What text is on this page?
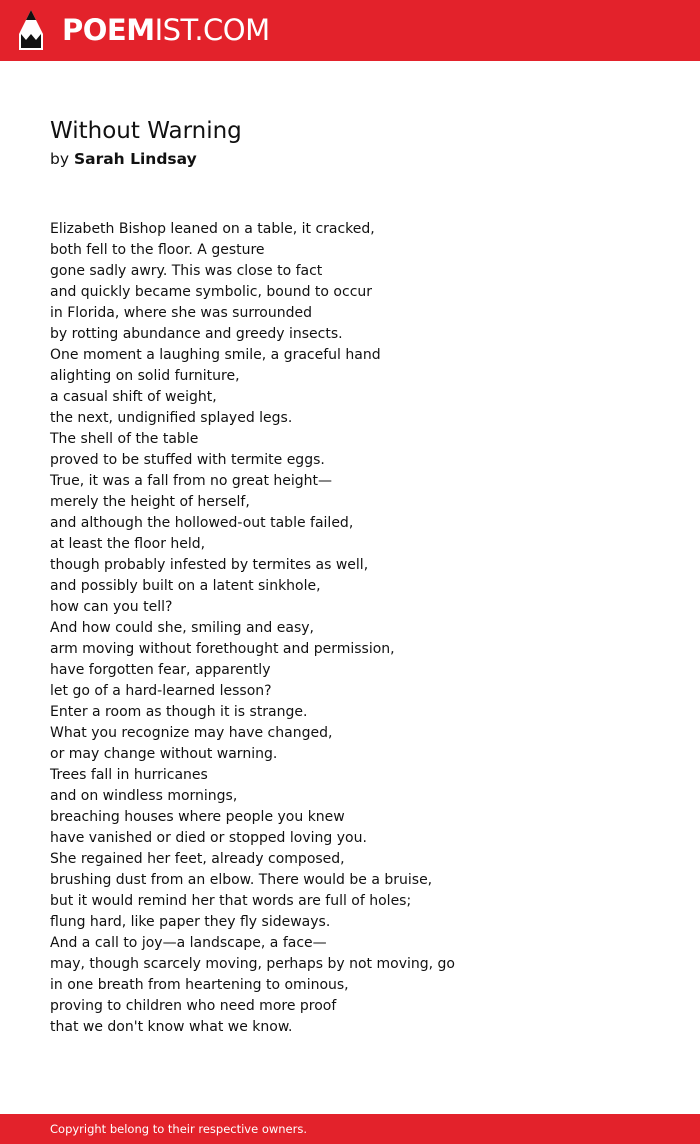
POEMIST.COM
Without Warning
by Sarah Lindsay
Elizabeth Bishop leaned on a table, it cracked,
both fell to the floor. A gesture
gone sadly awry. This was close to fact
and quickly became symbolic, bound to occur
in Florida, where she was surrounded
by rotting abundance and greedy insects.
One moment a laughing smile, a graceful hand
alighting on solid furniture,
a casual shift of weight,
the next, undignified splayed legs.
The shell of the table
proved to be stuffed with termite eggs.
True, it was a fall from no great height—
merely the height of herself,
and although the hollowed-out table failed,
at least the floor held,
though probably infested by termites as well,
and possibly built on a latent sinkhole,
how can you tell?
And how could she, smiling and easy,
arm moving without forethought and permission,
have forgotten fear, apparently
let go of a hard-learned lesson?
Enter a room as though it is strange.
What you recognize may have changed,
or may change without warning.
Trees fall in hurricanes
and on windless mornings,
breaching houses where people you knew
have vanished or died or stopped loving you.
She regained her feet, already composed,
brushing dust from an elbow. There would be a bruise,
but it would remind her that words are full of holes;
flung hard, like paper they fly sideways.
And a call to joy—a landscape, a face—
may, though scarcely moving, perhaps by not moving, go
in one breath from heartening to ominous,
proving to children who need more proof
that we don't know what we know.
Copyright belong to their respective owners.
